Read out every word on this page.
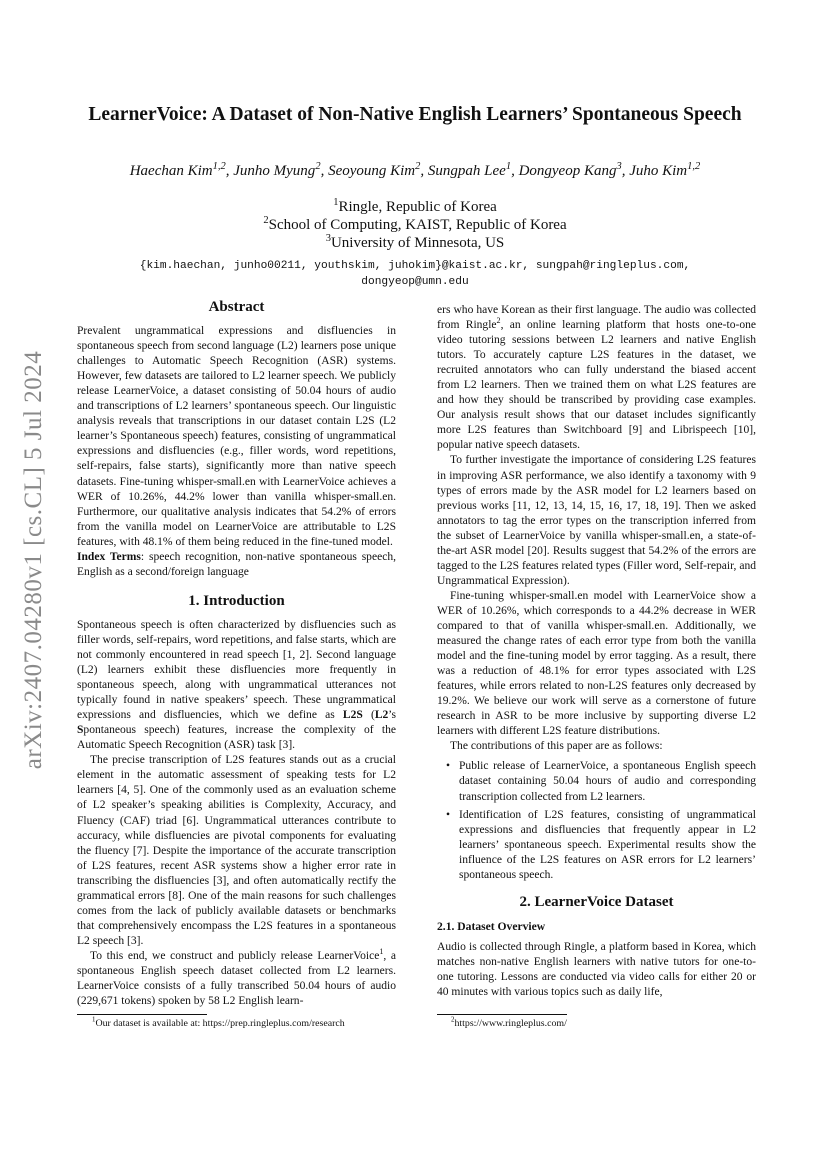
arXiv:2407.04280v1 [cs.CL] 5 Jul 2024
LearnerVoice: A Dataset of Non-Native English Learners’ Spontaneous Speech
Haechan Kim$^{1,2}$, Junho Myung$^2$, Seoyoung Kim$^2$, Sungpah Lee$^1$, Dongyeop Kang$^3$, Juho Kim$^{1,2}$
$^1$Ringle, Republic of Korea
$^2$School of Computing, KAIST, Republic of Korea
$^3$University of Minnesota, US
{kim.haechan, junho00211, youthskim, juhokim}@kaist.ac.kr, sungpah@ringleplus.com,
dongyeop@umn.edu
Abstract

Prevalent ungrammatical expressions and disfluencies in spontaneous speech from second language (L2) learners pose unique challenges to Automatic Speech Recognition (ASR) systems. However, few datasets are tailored to L2 learner speech. We publicly release LearnerVoice, a dataset consisting of 50.04 hours of audio and transcriptions of L2 learners’ spontaneous speech. Our linguistic analysis reveals that transcriptions in our dataset contain L2S (L2 learner’s Spontaneous speech) features, consisting of ungrammatical expressions and disfluencies (e.g., filler words, word repetitions, self-repairs, false starts), significantly more than native speech datasets. Fine-tuning whisper-small.en with LearnerVoice achieves a WER of 10.26%, 44.2% lower than vanilla whisper-small.en. Furthermore, our qualitative analysis indicates that 54.2% of errors from the vanilla model on LearnerVoice are attributable to L2S features, with 48.1% of them being reduced in the fine-tuned model.

Index Terms: speech recognition, non-native spontaneous speech, English as a second/foreign language

1. Introduction

Spontaneous speech is often characterized by disfluencies such as filler words, self-repairs, word repetitions, and false starts, which are not commonly encountered in read speech [1, 2]. Second language (L2) learners exhibit these disfluencies more frequently in spontaneous speech, along with ungrammatical utterances not typically found in native speakers’ speech. These ungrammatical expressions and disfluencies, which we define as L2S (L2’s Spontaneous speech) features, increase the complexity of the Automatic Speech Recognition (ASR) task [3].

The precise transcription of L2S features stands out as a crucial element in the automatic assessment of speaking tests for L2 learners [4, 5]. One of the commonly used as an evaluation scheme of L2 speaker’s speaking abilities is Complexity, Accuracy, and Fluency (CAF) triad [6]. Ungrammatical utterances contribute to accuracy, while disfluencies are pivotal components for evaluating the fluency [7]. Despite the importance of the accurate transcription of L2S features, recent ASR systems show a higher error rate in transcribing the disfluencies [3], and often automatically rectify the grammatical errors [8]. One of the main reasons for such challenges comes from the lack of publicly available datasets or benchmarks that comprehensively encompass the L2S features in a spontaneous L2 speech [3].

To this end, we construct and publicly release LearnerVoice$^1$, a spontaneous English speech dataset collected from L2 learners. LearnerVoice consists of a fully transcribed 50.04 hours of audio (229,671 tokens) spoken by 58 L2 English learn-

ers who have Korean as their first language. The audio was collected from Ringle$^2$, an online learning platform that hosts one-to-one video tutoring sessions between L2 learners and native English tutors. To accurately capture L2S features in the dataset, we recruited annotators who can fully understand the biased accent from L2 learners. Then we trained them on what L2S features are and how they should be transcribed by providing case examples. Our analysis result shows that our dataset includes significantly more L2S features than Switchboard [9] and Librispeech [10], popular native speech datasets.

To further investigate the importance of considering L2S features in improving ASR performance, we also identify a taxonomy with 9 types of errors made by the ASR model for L2 learners based on previous works [11, 12, 13, 14, 15, 16, 17, 18, 19]. Then we asked annotators to tag the error types on the transcription inferred from the subset of LearnerVoice by vanilla whisper-small.en, a state-of-the-art ASR model [20]. Results suggest that 54.2% of the errors are tagged to the L2S features related types (Filler word, Self-repair, and Ungrammatical Expression).

Fine-tuning whisper-small.en model with LearnerVoice show a WER of 10.26%, which corresponds to a 44.2% decrease in WER compared to that of vanilla whisper-small.en. Additionally, we measured the change rates of each error type from both the vanilla model and the fine-tuning model by error tagging. As a result, there was a reduction of 48.1% for error types associated with L2S features, while errors related to non-L2S features only decreased by 19.2%. We believe our work will serve as a cornerstone of future research in ASR to be more inclusive by supporting diverse L2 learners with different L2S feature distributions.

The contributions of this paper are as follows:

• Public release of LearnerVoice, a spontaneous English speech dataset containing 50.04 hours of audio and corresponding transcription collected from L2 learners.
• Identification of L2S features, consisting of ungrammatical expressions and disfluencies that frequently appear in L2 learners’ spontaneous speech. Experimental results show the influence of the L2S features on ASR errors for L2 learners’ spontaneous speech.
2. LearnerVoice Dataset
2.1. Dataset Overview

Audio is collected through Ringle, a platform based in Korea, which matches non-native English learners with native tutors for one-to-one tutoring. Lessons are conducted via video calls for either 20 or 40 minutes with various topics such as daily life,

$^1$Our dataset is available at: https://prep.ringleplus.com/research	$^2$https://www.ringleplus.com/
